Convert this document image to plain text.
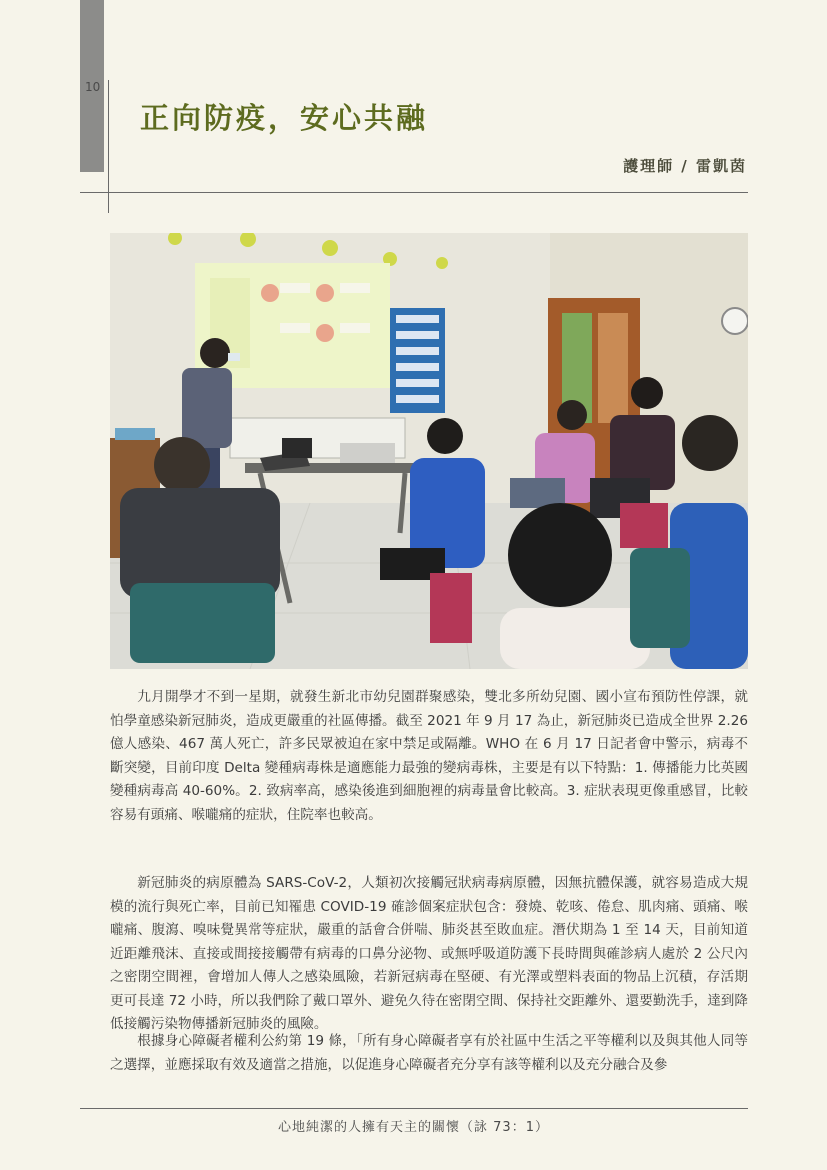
10
正向防疫，安心共融
護理師 / 雷凱茵

九月開學才不到一星期，就發生新北市幼兒園群聚感染，雙北多所幼兒園、國小宣布預防性停課，就怕學童感染新冠肺炎，造成更嚴重的社區傳播。截至 2021 年 9 月 17 為止，新冠肺炎已造成全世界 2.26 億人感染、467 萬人死亡，許多民眾被迫在家中禁足或隔離。WHO 在 6 月 17 日記者會中警示，病毒不斷突變，目前印度 Delta 變種病毒株是適應能力最強的變病毒株，主要是有以下特點：1. 傳播能力比英國變種病毒高 40-60%。2. 致病率高，感染後進到細胞裡的病毒量會比較高。3. 症狀表現更像重感冒，比較容易有頭痛、喉嚨痛的症狀，住院率也較高。

新冠肺炎的病原體為 SARS-CoV-2，人類初次接觸冠狀病毒病原體，因無抗體保護，就容易造成大規模的流行與死亡率，目前已知罹患 COVID-19 確診個案症狀包含：發燒、乾咳、倦怠、肌肉痛、頭痛、喉嚨痛、腹瀉、嗅味覺異常等症狀，嚴重的話會合併喘、肺炎甚至敗血症。潛伏期為 1 至 14 天，目前知道近距離飛沫、直接或間接接觸帶有病毒的口鼻分泌物、或無呼吸道防護下長時間與確診病人處於 2 公尺內之密閉空間裡，會增加人傳人之感染風險，若新冠病毒在堅硬、有光澤或塑料表面的物品上沉積，存活期更可長達 72 小時，所以我們除了戴口罩外、避免久待在密閉空間、保持社交距離外、還要勤洗手，達到降低接觸污染物傳播新冠肺炎的風險。

根據身心障礙者權利公約第 19 條，「所有身心障礙者享有於社區中生活之平等權利以及與其他人同等之選擇，並應採取有效及適當之措施，以促進身心障礙者充分享有該等權利以及充分融合及參

心地純潔的人擁有天主的關懷（詠 73：1）
